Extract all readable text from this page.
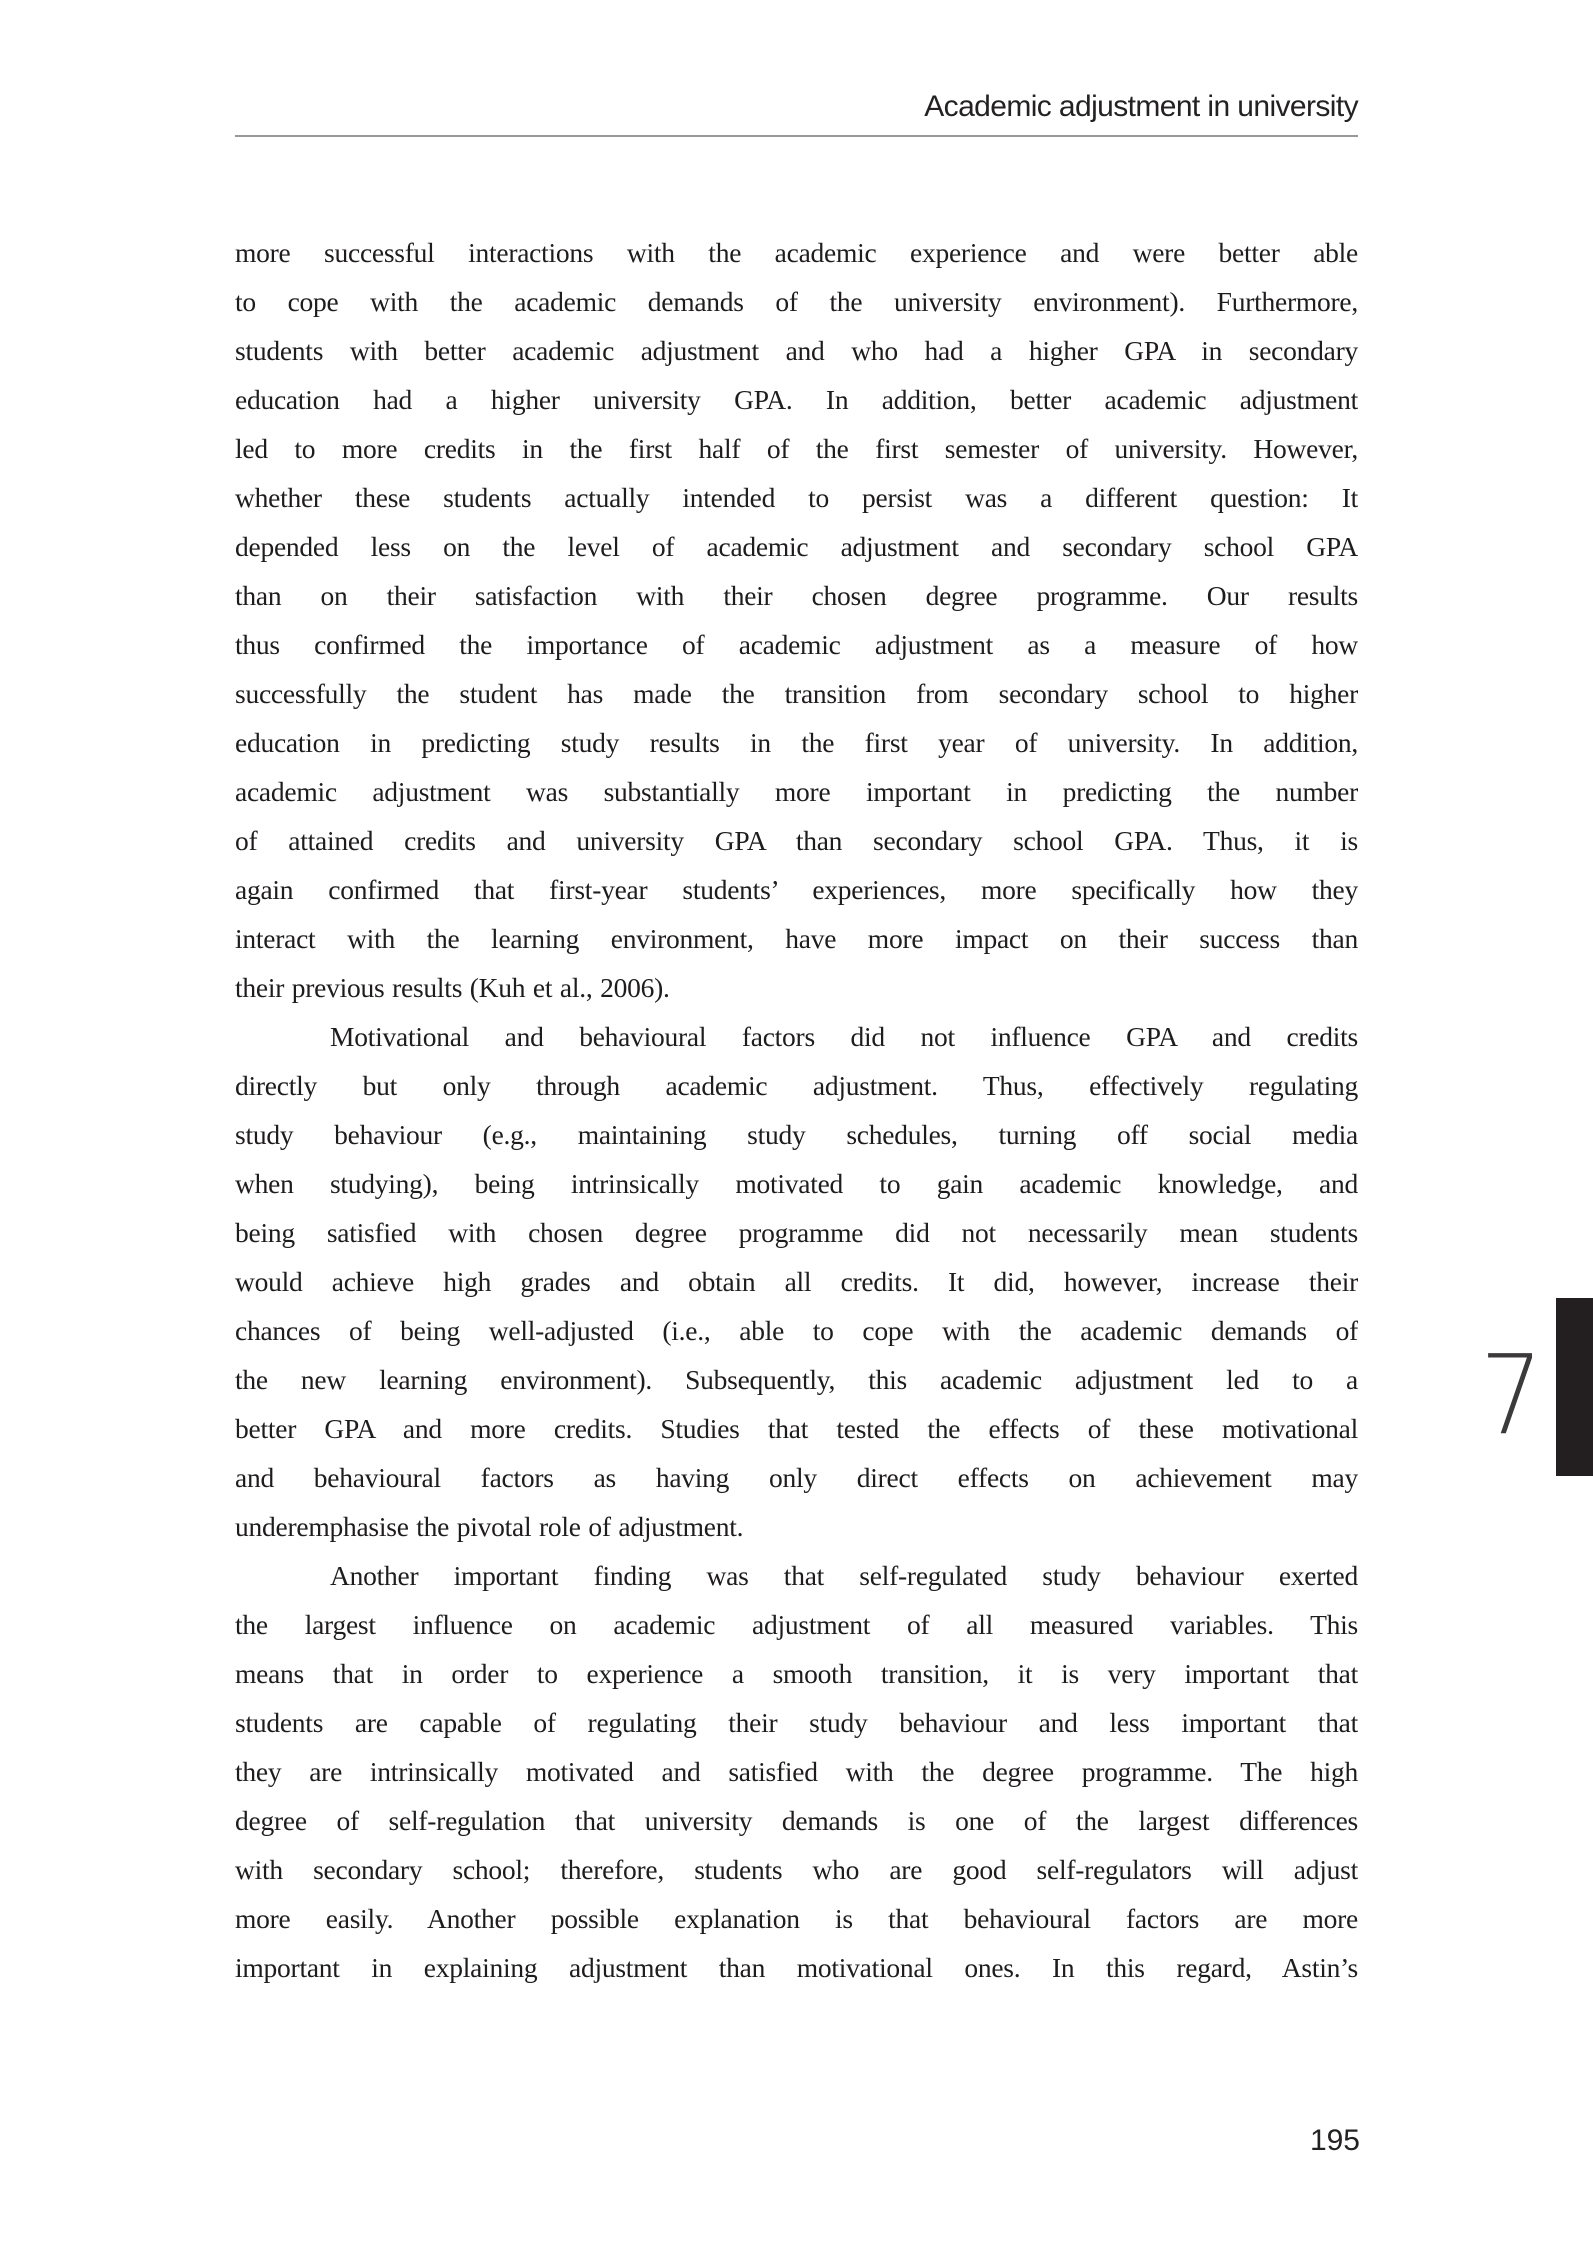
Academic adjustment in university
more successful interactions with the academic experience and were better able
to cope with the academic demands of the university environment). Furthermore,
students with better academic adjustment and who had a higher GPA in secondary
education had a higher university GPA. In addition, better academic adjustment
led to more credits in the first half of the first semester of university. However,
whether these students actually intended to persist was a different question: It
depended less on the level of academic adjustment and secondary school GPA
than on their satisfaction with their chosen degree programme. Our results
thus confirmed the importance of academic adjustment as a measure of how
successfully the student has made the transition from secondary school to higher
education in predicting study results in the first year of university. In addition,
academic adjustment was substantially more important in predicting the number
of attained credits and university GPA than secondary school GPA. Thus, it is
again confirmed that first-year students’ experiences, more specifically how they
interact with the learning environment, have more impact on their success than
their previous results (Kuh et al., 2006).
Motivational and behavioural factors did not influence GPA and credits
directly but only through academic adjustment. Thus, effectively regulating
study behaviour (e.g., maintaining study schedules, turning off social media
when studying), being intrinsically motivated to gain academic knowledge, and
being satisfied with chosen degree programme did not necessarily mean students
would achieve high grades and obtain all credits. It did, however, increase their
chances of being well-adjusted (i.e., able to cope with the academic demands of
the new learning environment). Subsequently, this academic adjustment led to a
better GPA and more credits. Studies that tested the effects of these motivational
and behavioural factors as having only direct effects on achievement may
underemphasise the pivotal role of adjustment.
Another important finding was that self-regulated study behaviour exerted
the largest influence on academic adjustment of all measured variables. This
means that in order to experience a smooth transition, it is very important that
students are capable of regulating their study behaviour and less important that
they are intrinsically motivated and satisfied with the degree programme. The high
degree of self-regulation that university demands is one of the largest differences
with secondary school; therefore, students who are good self-regulators will adjust
more easily. Another possible explanation is that behavioural factors are more
important in explaining adjustment than motivational ones. In this regard, Astin’s
7
195
